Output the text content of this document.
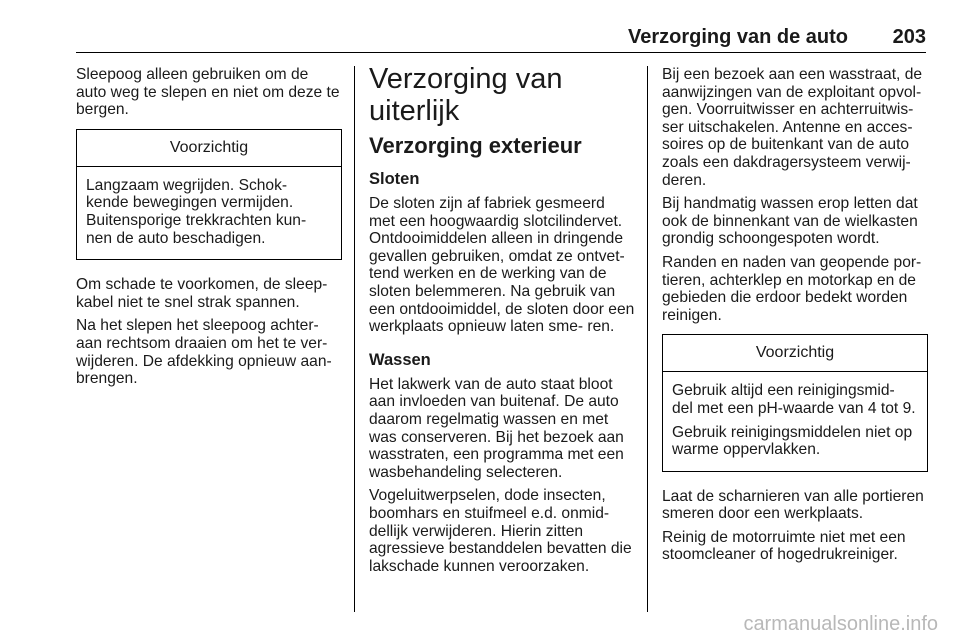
Verzorging van de auto 203

Sleepoog alleen gebruiken om de auto weg te slepen en niet om deze te bergen.

Voorzichtig

Langzaam wegrijden. Schok- kende bewegingen vermijden. Buitensporige trekkrachten kun- nen de auto beschadigen.

Om schade te voorkomen, de sleep- kabel niet te snel strak spannen.

Na het slepen het sleepoog achter- aan rechtsom draaien om het te ver- wijderen. De afdekking opnieuw aan- brengen.

Verzorging van uiterlijk
Verzorging exterieur
Sloten

De sloten zijn af fabriek gesmeerd met een hoogwaardig slotcilindervet. Ontdooimiddelen alleen in dringende gevallen gebruiken, omdat ze ontvet- tend werken en de werking van de sloten belemmeren. Na gebruik van een ontdooimiddel, de sloten door een werkplaats opnieuw laten sme- ren.

Wassen

Het lakwerk van de auto staat bloot aan invloeden van buitenaf. De auto daarom regelmatig wassen en met was conserveren. Bij het bezoek aan wasstraten, een programma met een wasbehandeling selecteren.

Vogeluitwerpselen, dode insecten, boomhars en stuifmeel e.d. onmid- dellijk verwijderen. Hierin zitten agressieve bestanddelen bevatten die lakschade kunnen veroorzaken.

Bij een bezoek aan een wasstraat, de aanwijzingen van de exploitant opvol- gen. Voorruitwisser en achterruitwis- ser uitschakelen. Antenne en acces- soires op de buitenkant van de auto zoals een dakdragersysteem verwij- deren.

Bij handmatig wassen erop letten dat ook de binnenkant van de wielkasten grondig schoongespoten wordt.

Randen en naden van geopende por- tieren, achterklep en motorkap en de gebieden die erdoor bedekt worden reinigen.

Voorzichtig

Gebruik altijd een reinigingsmid- del met een pH-waarde van 4 tot 9.

Gebruik reinigingsmiddelen niet op warme oppervlakken.

Laat de scharnieren van alle portieren smeren door een werkplaats.

Reinig de motorruimte niet met een stoomcleaner of hogedrukreiniger.

carmanualsonline.info
